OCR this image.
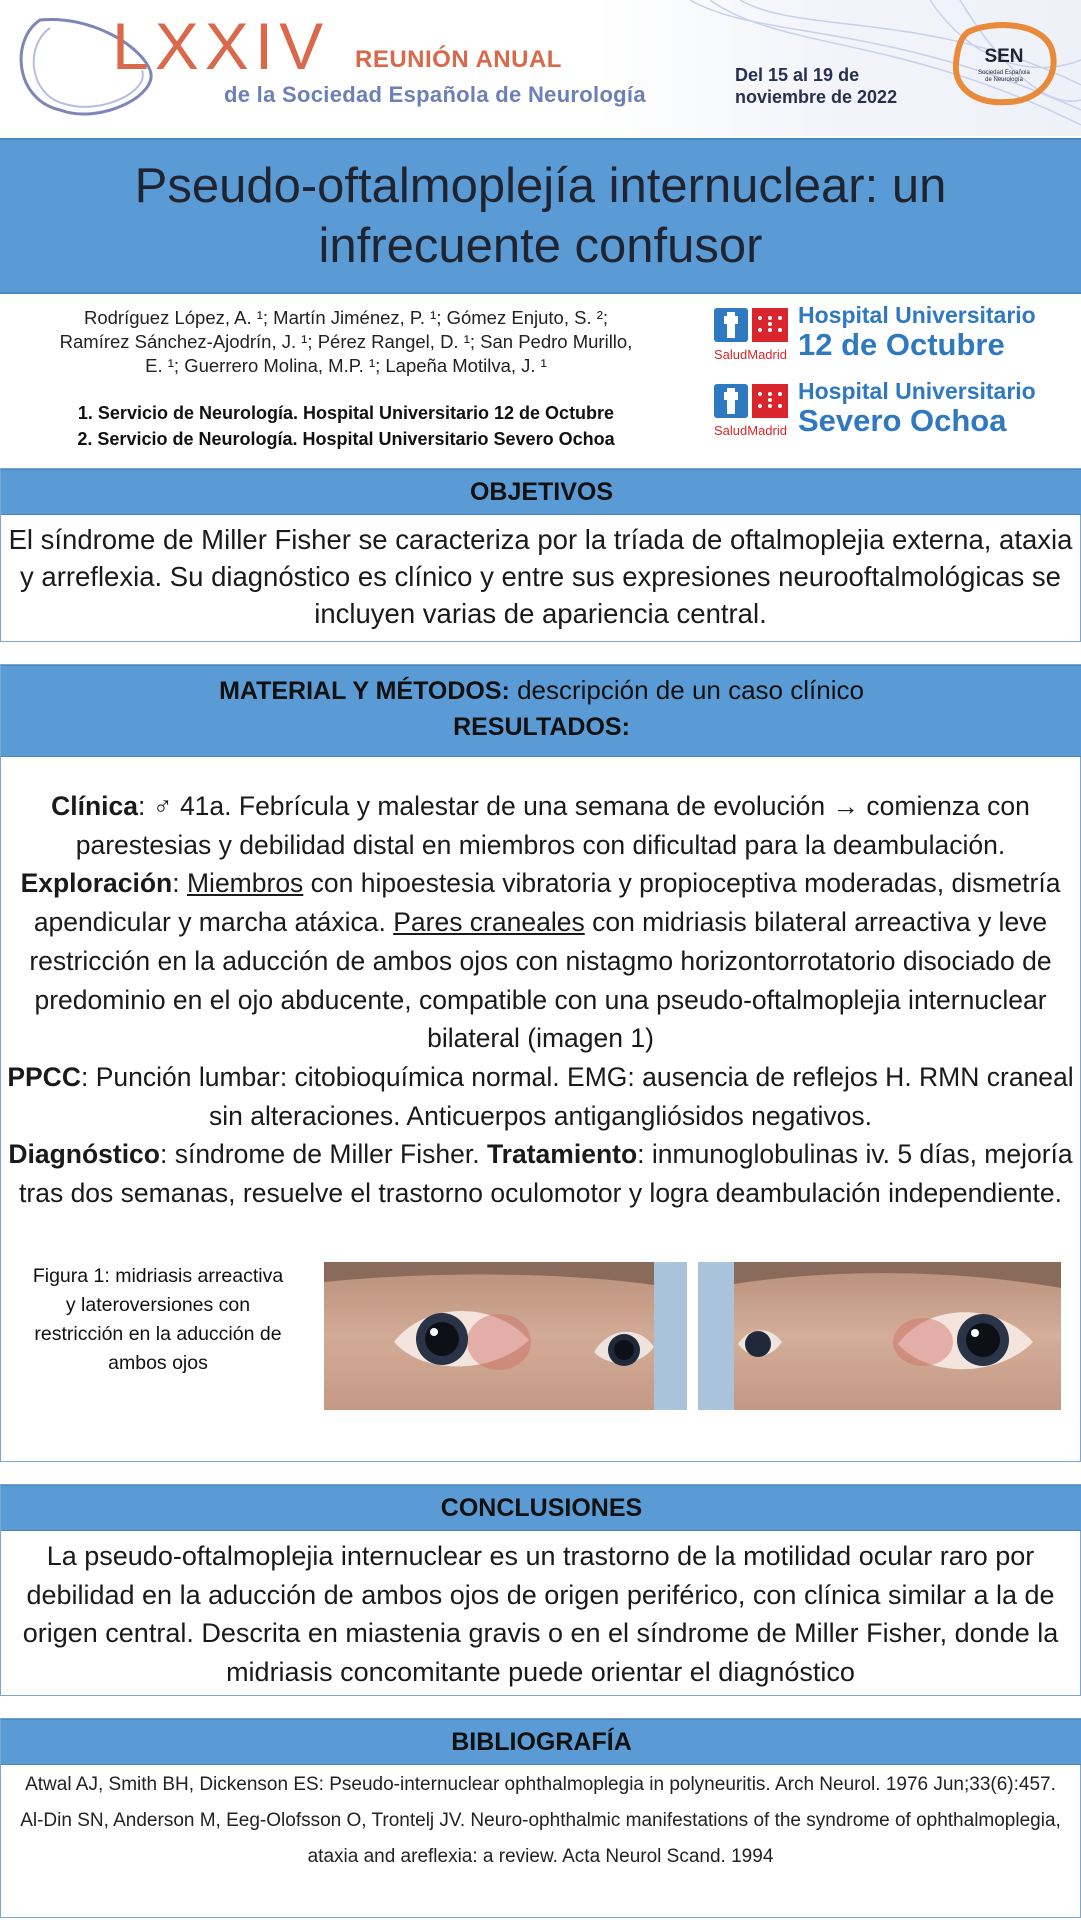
LXXIV REUNIÓN ANUAL
de la Sociedad Española de Neurología
Del 15 al 19 de
noviembre de 2022
SEN
Sociedad Española
de Neurología
Pseudo-oftalmoplejía internuclear: un infrecuente confusor
Rodríguez López, A. ¹; Martín Jiménez, P. ¹; Gómez Enjuto, S. ²;
Ramírez Sánchez-Ajodrín, J. ¹; Pérez Rangel, D. ¹; San Pedro Murillo,
E. ¹; Guerrero Molina, M.P. ¹; Lapeña Motilva, J. ¹
1. Servicio de Neurología. Hospital Universitario 12 de Octubre
2. Servicio de Neurología. Hospital Universitario Severo Ochoa
SaludMadrid
Hospital Universitario
12 de Octubre
SaludMadrid
Hospital Universitario
Severo Ochoa
OBJETIVOS
El síndrome de Miller Fisher se caracteriza por la tríada de oftalmoplejia externa, ataxia y arreflexia. Su diagnóstico es clínico y entre sus expresiones neurooftalmológicas se incluyen varias de apariencia central.
MATERIAL Y MÉTODOS: descripción de un caso clínico
RESULTADOS:
Clínica: ♂ 41a. Febrícula y malestar de una semana de evolución → comienza con parestesias y debilidad distal en miembros con dificultad para la deambulación.
Exploración: Miembros con hipoestesia vibratoria y propioceptiva moderadas, dismetría apendicular y marcha atáxica. Pares craneales con midriasis bilateral arreactiva y leve restricción en la aducción de ambos ojos con nistagmo horizontorrotatorio disociado de predominio en el ojo abducente, compatible con una pseudo-oftalmoplejia internuclear bilateral (imagen 1)
PPCC: Punción lumbar: citobioquímica normal. EMG: ausencia de reflejos H. RMN craneal sin alteraciones. Anticuerpos antigangliósidos negativos.
Diagnóstico: síndrome de Miller Fisher. Tratamiento: inmunoglobulinas iv. 5 días, mejoría tras dos semanas, resuelve el trastorno oculomotor y logra deambulación independiente.
Figura 1: midriasis arreactiva y lateroversiones con restricción en la aducción de ambos ojos
CONCLUSIONES
La pseudo-oftalmoplejia internuclear es un trastorno de la motilidad ocular raro por debilidad en la aducción de ambos ojos de origen periférico, con clínica similar a la de origen central. Descrita en miastenia gravis o en el síndrome de Miller Fisher, donde la midriasis concomitante puede orientar el diagnóstico
BIBLIOGRAFÍA
Atwal AJ, Smith BH, Dickenson ES: Pseudo-internuclear ophthalmoplegia in polyneuritis. Arch Neurol. 1976 Jun;33(6):457.
Al-Din SN, Anderson M, Eeg-Olofsson O, Trontelj JV. Neuro-ophthalmic manifestations of the syndrome of ophthalmoplegia, ataxia and areflexia: a review. Acta Neurol Scand. 1994
